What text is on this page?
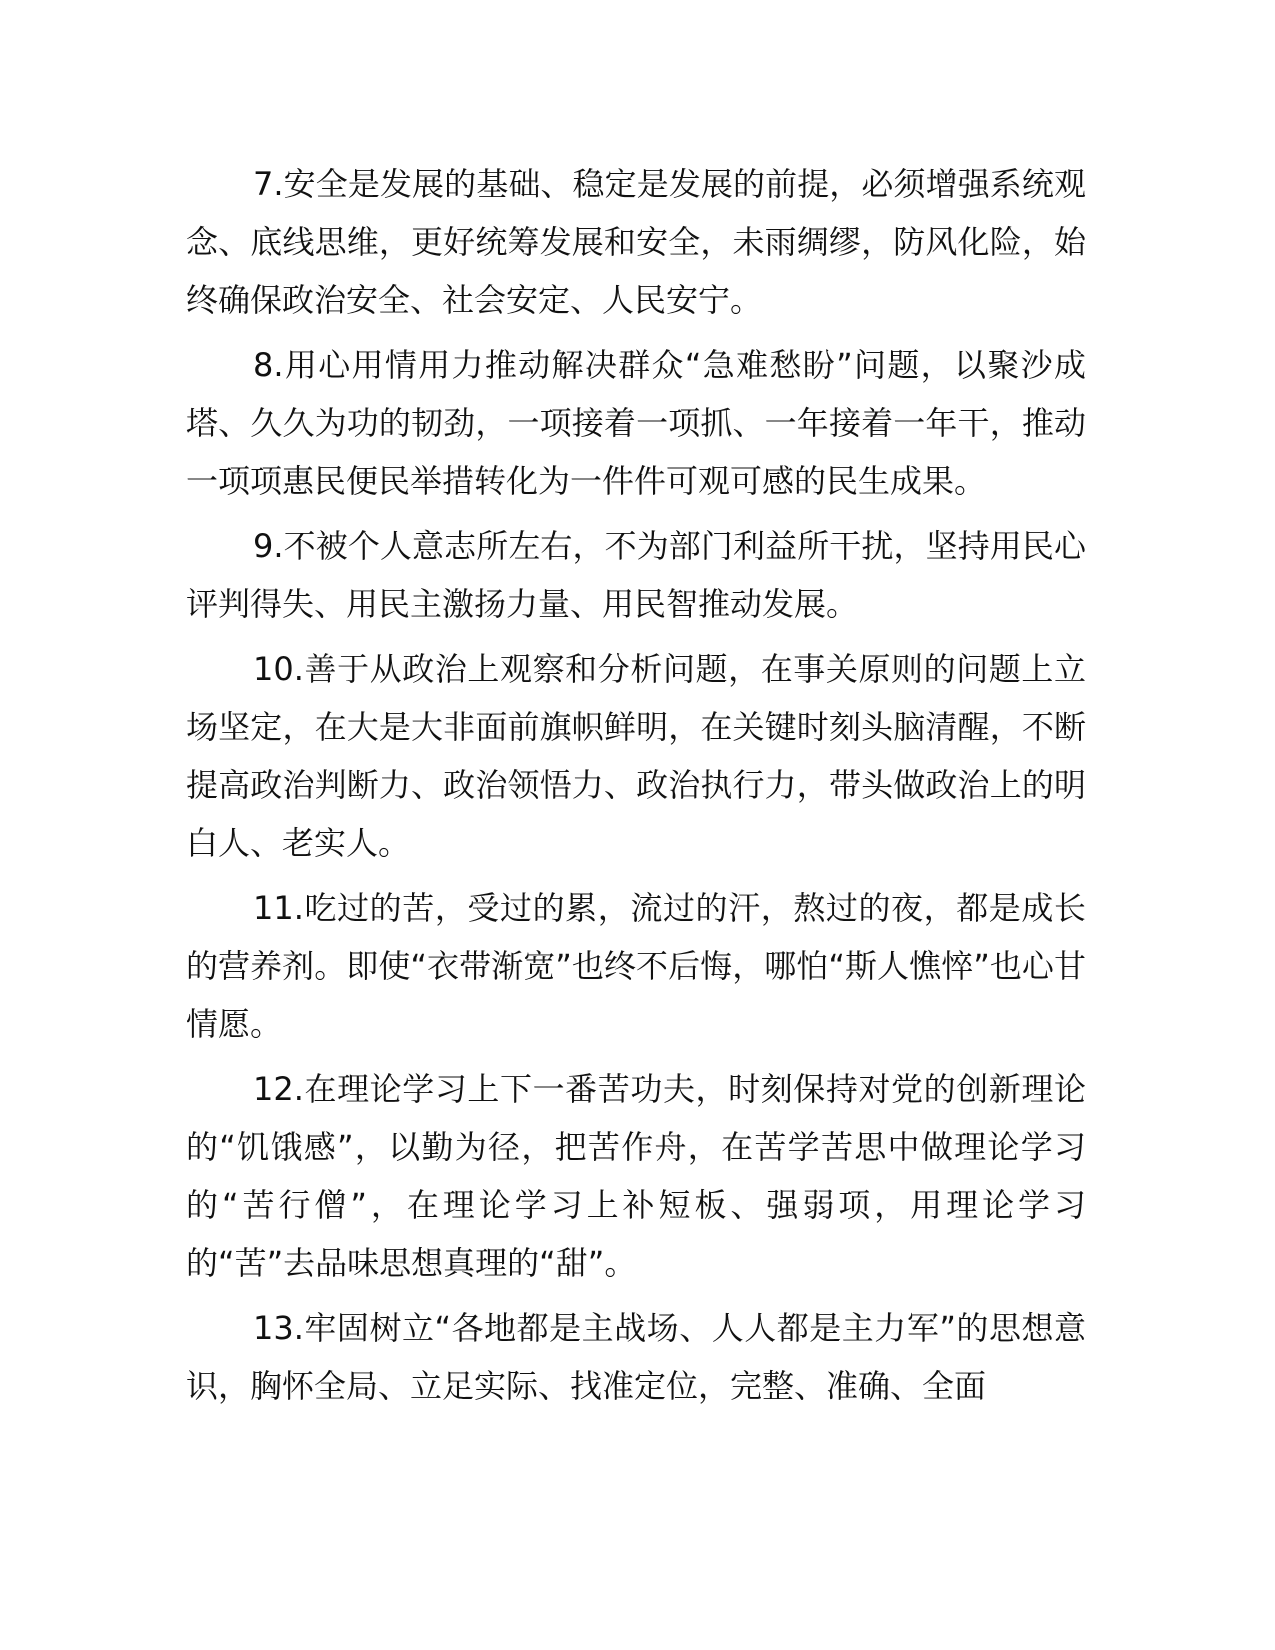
7.安全是发展的基础、稳定是发展的前提，必须增强系统观念、底线思维，更好统筹发展和安全，未雨绸缪，防风化险，始终确保政治安全、社会安定、人民安宁。

8.用心用情用力推动解决群众“急难愁盼”问题，以聚沙成塔、久久为功的韧劲，一项接着一项抓、一年接着一年干，推动一项项惠民便民举措转化为一件件可观可感的民生成果。

9.不被个人意志所左右，不为部门利益所干扰，坚持用民心评判得失、用民主激扬力量、用民智推动发展。

10.善于从政治上观察和分析问题，在事关原则的问题上立场坚定，在大是大非面前旗帜鲜明，在关键时刻头脑清醒，不断提高政治判断力、政治领悟力、政治执行力，带头做政治上的明白人、老实人。

11.吃过的苦，受过的累，流过的汗，熬过的夜，都是成长的营养剂。即使“衣带渐宽”也终不后悔，哪怕“斯人憔悴”也心甘情愿。

12.在理论学习上下一番苦功夫，时刻保持对党的创新理论的“饥饿感”，以勤为径，把苦作舟，在苦学苦思中做理论学习的“苦行僧”，在理论学习上补短板、强弱项，用理论学习的“苦”去品味思想真理的“甜”。

13.牢固树立“各地都是主战场、人人都是主力军”的思想意识，胸怀全局、立足实际、找准定位，完整、准确、全面
